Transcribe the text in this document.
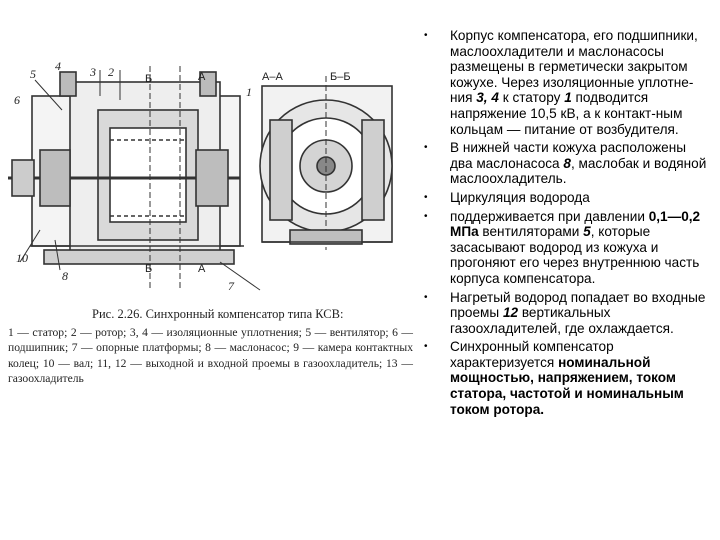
Б	А
Б	А
А–А	Б–Б
5
4 3 2
6
1
10
8
7
Рис. 2.26. Синхронный компенсатор типа КСВ:
1 — статор; 2 — ротор; 3, 4 — изоляционные уплотнения; 5 — вентилятор; 6 — подшипник; 7 — опорные платформы; 8 — маслонасос; 9 — камера контактных колец; 10 — вал; 11, 12 — выходной и входной проемы в газоохладитель; 13 — газоохладитель
• Корпус компенсатора, его подшипники, маслоохладители и маслонасосы размещены в герметически закрытом кожухе. Через изоляционные уплотне-ния 3, 4 к статору 1 подводится напряжение 10,5 кВ, а к контакт-ным кольцам — питание от возбудителя.
• В нижней части кожуха расположены два маслонасоса 8, маслобак и водяной маслоохладитель.
• Циркуляция водорода
• поддерживается при давлении 0,1—0,2 МПа вентиляторами 5, которые засасывают водород из кожуха и прогоняют его через внутреннюю часть корпуса компенсатора.
• Нагретый водород попадает во входные проемы 12 вертикальных газоохладителей, где охлаждается.
• Синхронный компенсатор характеризуется номинальной мощностью, напряжением, током статора, частотой и номинальным током ротора.
